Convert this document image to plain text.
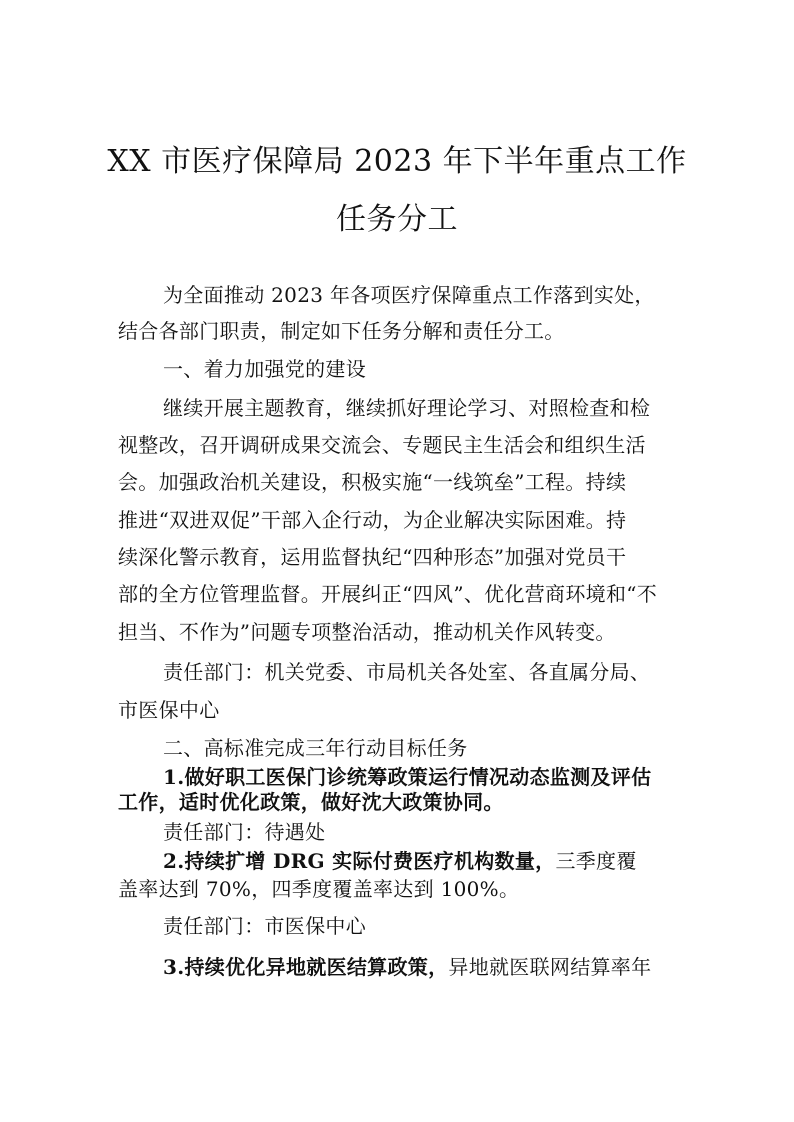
XX 市医疗保障局 2023 年下半年重点工作
任务分工
为全面推动 2023 年各项医疗保障重点工作落到实处，
结合各部门职责，制定如下任务分解和责任分工。
一、着力加强党的建设
继续开展主题教育，继续抓好理论学习、对照检查和检
视整改，召开调研成果交流会、专题民主生活会和组织生活
会。加强政治机关建设，积极实施“一线筑垒”工程。持续
推进“双进双促”干部入企行动，为企业解决实际困难。持
续深化警示教育，运用监督执纪“四种形态”加强对党员干
部的全方位管理监督。开展纠正“四风”、优化营商环境和“不
担当、不作为”问题专项整治活动，推动机关作风转变。
责任部门：机关党委、市局机关各处室、各直属分局、
市医保中心
二、高标准完成三年行动目标任务
1.做好职工医保门诊统筹政策运行情况动态监测及评估
工作，适时优化政策，做好沈大政策协同。
责任部门：待遇处
2.持续扩增 DRG 实际付费医疗机构数量，三季度覆
盖率达到 70%，四季度覆盖率达到 100%。
责任部门：市医保中心
3.持续优化异地就医结算政策，异地就医联网结算率年
